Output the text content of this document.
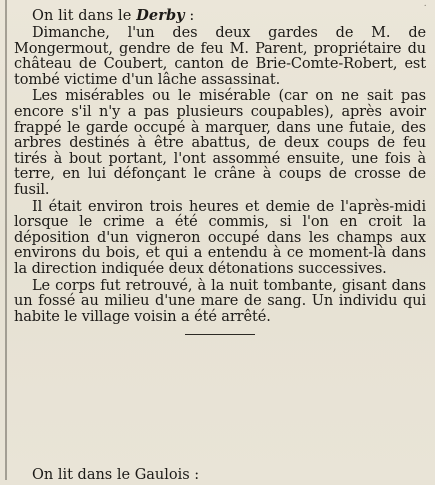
·

On lit dans le Derby :

Dimanche, l'un des deux gardes de M. de Mongermout, gendre de feu M. Parent, propriétaire du château de Coubert, canton de Brie-Comte-Robert, est tombé victime d'un lâche assassinat.

Les misérables ou le misérable (car on ne sait pas encore s'il n'y a pas plusieurs coupables), après avoir frappé le garde occupé à marquer, dans une futaie, des arbres destinés à être abattus, de deux coups de feu tirés à bout portant, l'ont assommé ensuite, une fois à terre, en lui défonçant le crâne à coups de crosse de fusil.

Il était environ trois heures et demie de l'après-midi lorsque le crime a été commis, si l'on en croit la déposition d'un vigneron occupé dans les champs aux environs du bois, et qui a entendu à ce moment-là dans la direction indiquée deux détonations successives.

Le corps fut retrouvé, à la nuit tombante, gisant dans un fossé au milieu d'une mare de sang. Un individu qui habite le village voisin a été arrêté.

On lit dans le Gaulois :
